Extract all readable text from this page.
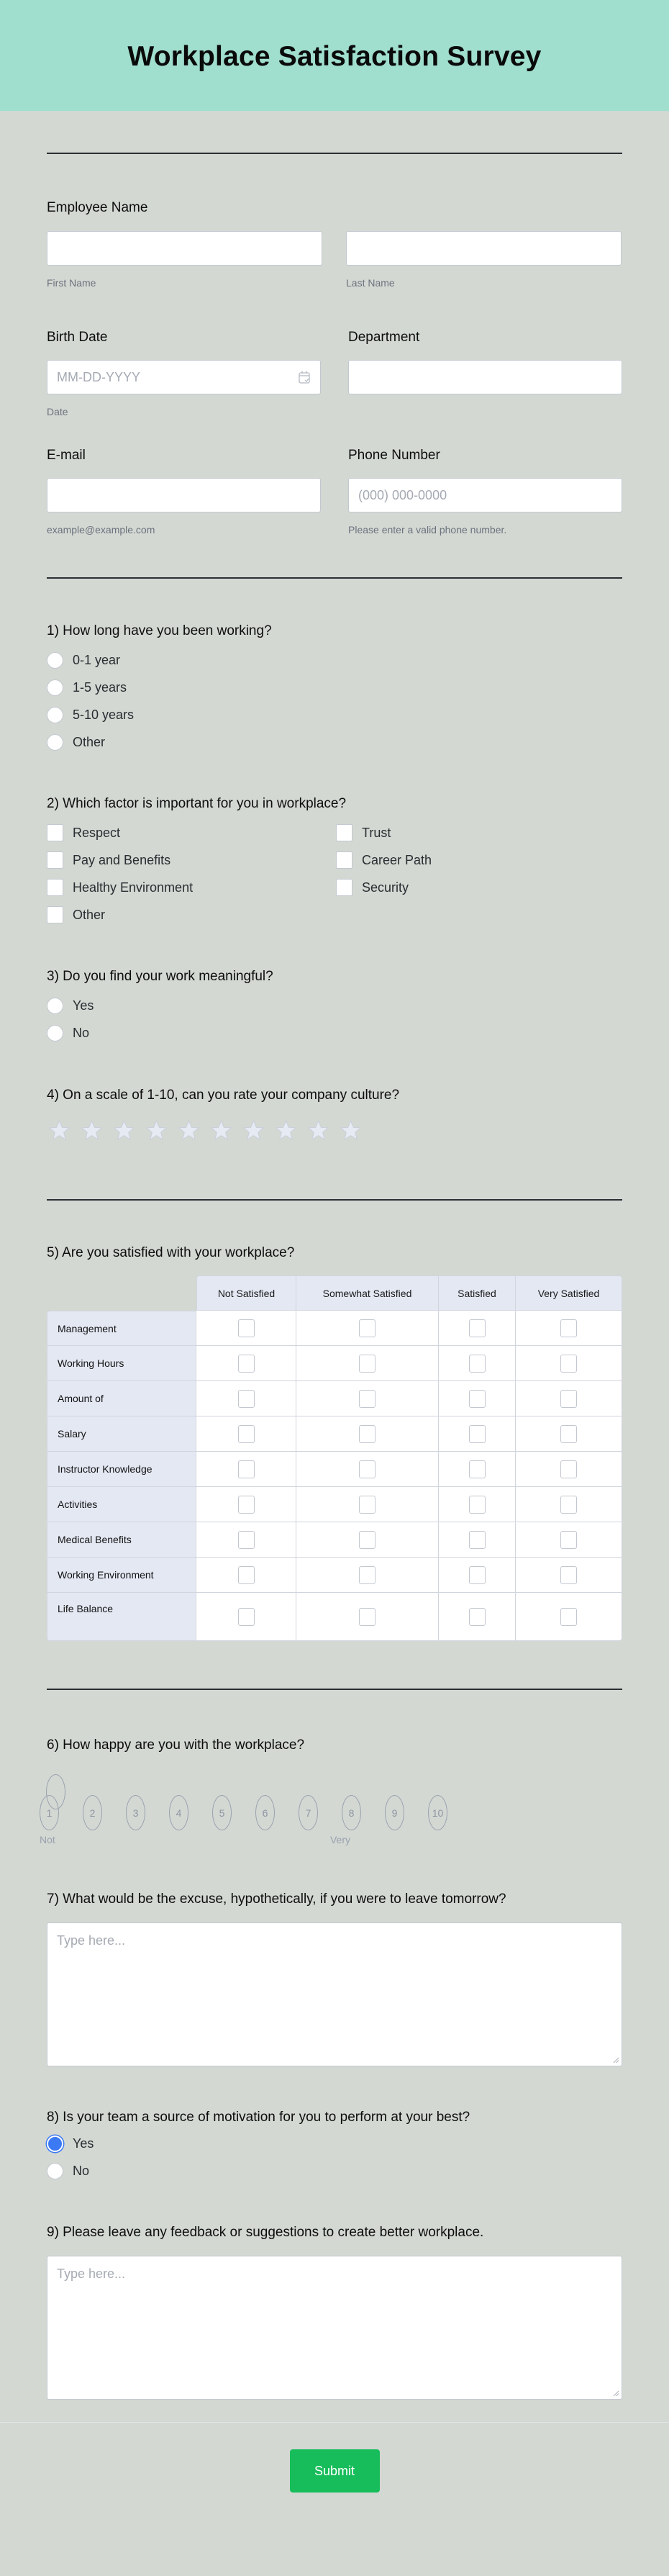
Workplace Satisfaction Survey
Employee Name
First Name	Last Name
Birth Date
MM-DD-YYYY
Date
Department
E-mail
example@example.com
Phone Number
(000) 000-0000
Please enter a valid phone number.
1) How long have you been working?
0-1 year
1-5 years
5-10 years
Other
2) Which factor is important for you in workplace?
Respect	Trust
Pay and Benefits	Career Path
Healthy Environment	Security
Other
3) Do you find your work meaningful?
Yes
No
4) On a scale of 1-10, can you rate your company culture?
5) Are you satisfied with your workplace?
	Not Satisfied	Somewhat Satisfied	Satisfied	Very Satisfied
Management				
Working Hours				
Amount of				
Salary				
Instructor Knowledge				
Activities				
Medical Benefits				
Working Environment				
Life Balance				
6) How happy are you with the workplace?
1	2	3	4	5	6	7	8	9	10
Not	Very
7) What would be the excuse, hypothetically, if you were to leave tomorrow?
Type here...
8) Is your team a source of motivation for you to perform at your best?
Yes
No
9) Please leave any feedback or suggestions to create better workplace.
Type here...
Submit
